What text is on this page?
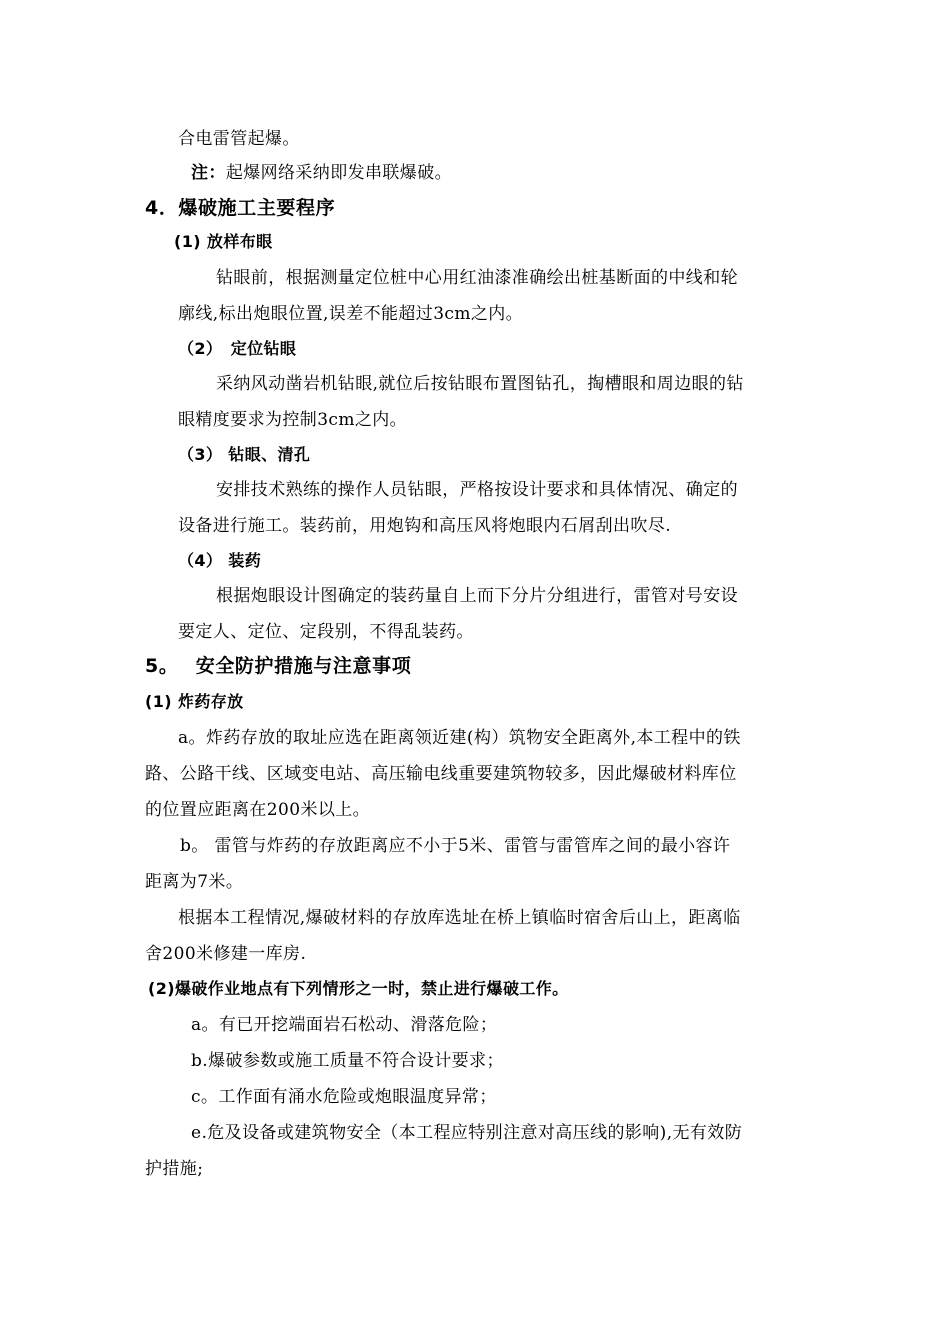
合电雷管起爆。
注：起爆网络采纳即发串联爆破。
4．爆破施工主要程序
(1) 放样布眼
钻眼前，根据测量定位桩中心用红油漆准确绘出桩基断面的中线和轮
廓线,标出炮眼位置,误差不能超过3cm之内。
（2）　定位钻眼
采纳风动凿岩机钻眼,就位后按钻眼布置图钻孔，掏槽眼和周边眼的钻
眼精度要求为控制3cm之内。
（3） 钻眼、清孔
安排技术熟练的操作人员钻眼，严格按设计要求和具体情况、确定的
设备进行施工。装药前，用炮钩和高压风将炮眼内石屑刮出吹尽.
（4） 装药
根据炮眼设计图确定的装药量自上而下分片分组进行，雷管对号安设
要定人、定位、定段别，不得乱装药。
5。　 安全防护措施与注意事项
(1) 炸药存放
a。炸药存放的取址应选在距离领近建(构）筑物安全距离外,本工程中的铁
路、公路干线、区域变电站、高压输电线重要建筑物较多，因此爆破材料库位
的位置应距离在200米以上。
b。 雷管与炸药的存放距离应不小于5米、雷管与雷管库之间的最小容许
距离为7米。
根据本工程情况,爆破材料的存放库选址在桥上镇临时宿舍后山上，距离临
舍200米修建一库房.
(2)爆破作业地点有下列情形之一时，禁止进行爆破工作。
a。有已开挖端面岩石松动、滑落危险；
b.爆破参数或施工质量不符合设计要求；
c。工作面有涌水危险或炮眼温度异常；
e.危及设备或建筑物安全（本工程应特别注意对高压线的影响),无有效防
护措施;
